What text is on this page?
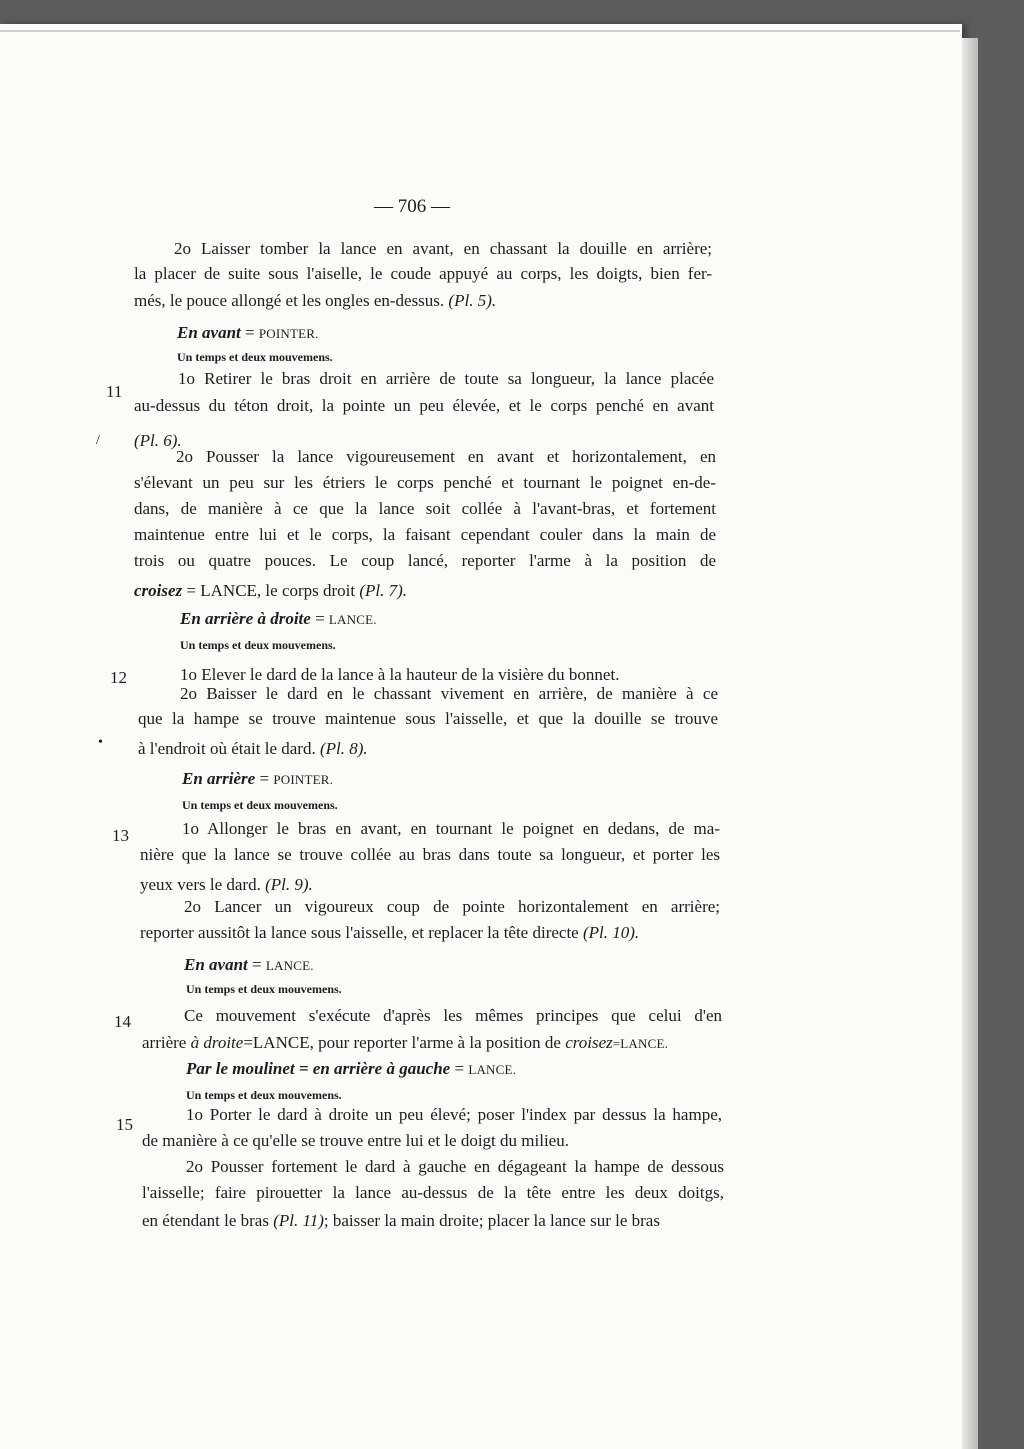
— 706 —
2o Laisser tomber la lance en avant, en chassant la douille en arrière;
la placer de suite sous l'aiselle, le coude appuyé au corps, les doigts, bien fer-
més, le pouce allongé et les ongles en-dessus. (Pl. 5).
En avant = POINTER.
Un temps et deux mouvemens.
11
1o Retirer le bras droit en arrière de toute sa longueur, la lance placée
au-dessus du téton droit, la pointe un peu élevée, et le corps penché en avant
/ (Pl. 6).
2o Pousser la lance vigoureusement en avant et horizontalement, en
s'élevant un peu sur les étriers le corps penché et tournant le poignet en-de-
dans, de manière à ce que la lance soit collée à l'avant-bras, et fortement
maintenue entre lui et le corps, la faisant cependant couler dans la main de
trois ou quatre pouces. Le coup lancé, reporter l'arme à la position de
croisez = LANCE, le corps droit (Pl. 7).
En arrière à droite = LANCE.
Un temps et deux mouvemens.
12	1o Elever le dard de la lance à la hauteur de la visière du bonnet.
2o Baisser le dard en le chassant vivement en arrière, de manière à ce
que la hampe se trouve maintenue sous l'aisselle, et que la douille se trouve
• à l'endroit où était le dard. (Pl. 8).
En arrière = POINTER.
Un temps et deux mouvemens.
13	1o Allonger le bras en avant, en tournant le poignet en dedans, de ma-
nière que la lance se trouve collée au bras dans toute sa longueur, et porter les
yeux vers le dard. (Pl. 9).
2o Lancer un vigoureux coup de pointe horizontalement en arrière;
reporter aussitôt la lance sous l'aisselle, et replacer la tête directe (Pl. 10).
En avant = LANCE.
Un temps et deux mouvemens.
14	Ce mouvement s'exécute d'après les mêmes principes que celui d'en
arrière à droite=LANCE, pour reporter l'arme à la position de croisez=LANCE.
Par le moulinet = en arrière à gauche = LANCE.
Un temps et deux mouvemens.
15
1o Porter le dard à droite un peu élevé; poser l'index par dessus la hampe,
de manière à ce qu'elle se trouve entre lui et le doigt du milieu.
2o Pousser fortement le dard à gauche en dégageant la hampe de dessous
l'aisselle; faire pirouetter la lance au-dessus de la tête entre les deux doitgs,
en étendant le bras (Pl. 11); baisser la main droite; placer la lance sur le bras
